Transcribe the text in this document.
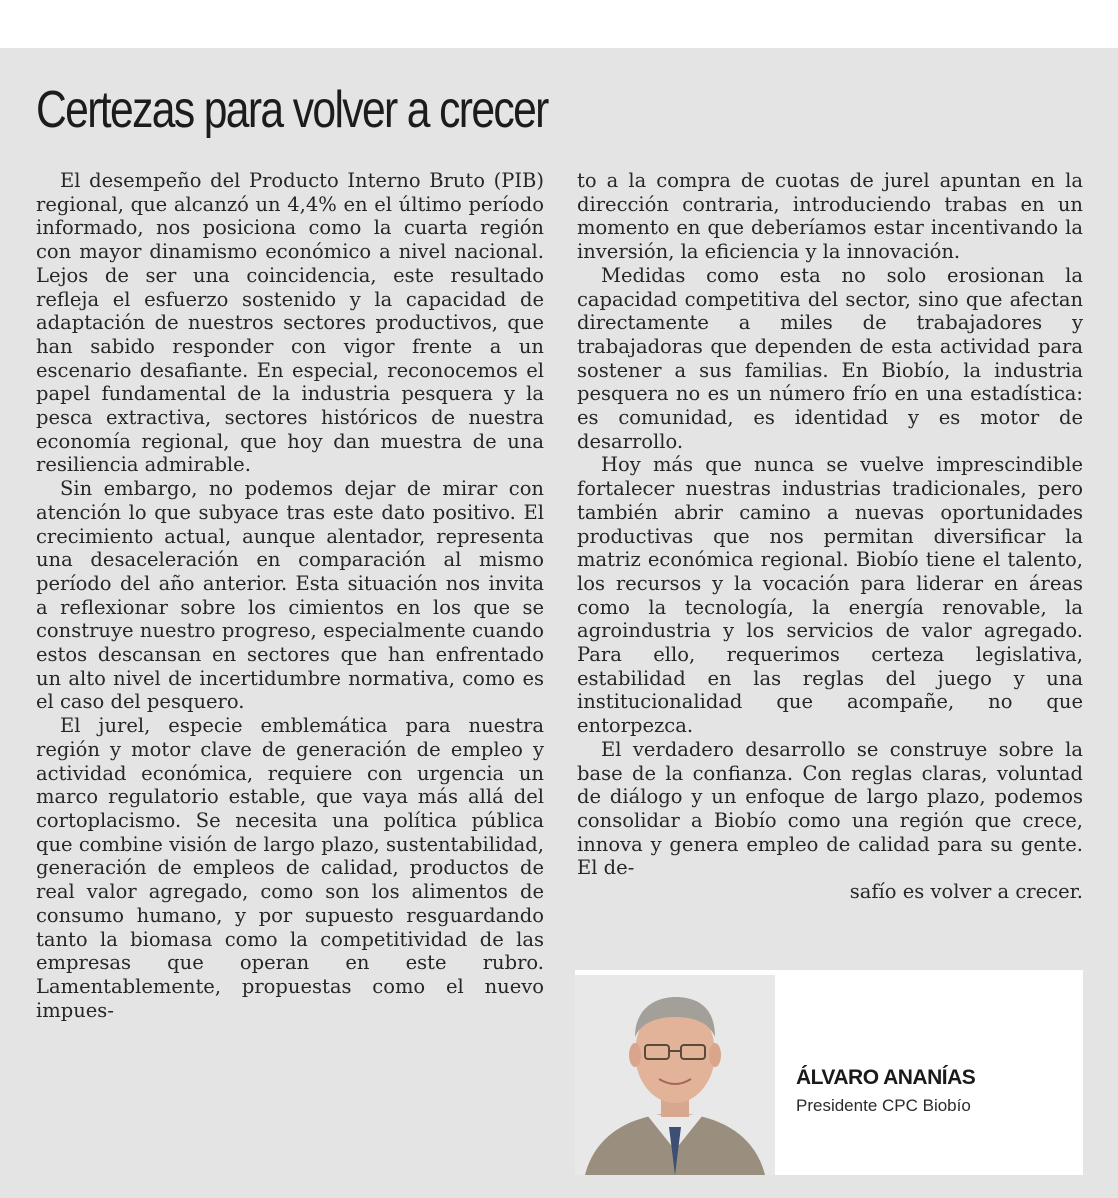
Certezas para volver a crecer

El desempeño del Producto Interno Bruto (PIB) regional, que alcanzó un 4,4% en el último período informado, nos posiciona como la cuarta región con mayor dinamismo económico a nivel nacional. Lejos de ser una coincidencia, este resultado refleja el esfuerzo sostenido y la capacidad de adaptación de nuestros sectores productivos, que han sabido responder con vigor frente a un escenario desafiante. En especial, reconocemos el papel fundamental de la industria pesquera y la pesca extractiva, sectores históricos de nuestra economía regional, que hoy dan muestra de una resiliencia admirable.

Sin embargo, no podemos dejar de mirar con atención lo que subyace tras este dato positivo. El crecimiento actual, aunque alentador, representa una desaceleración en comparación al mismo período del año anterior. Esta situación nos invita a reflexionar sobre los cimientos en los que se construye nuestro progreso, especialmente cuando estos descansan en sectores que han enfrentado un alto nivel de incertidumbre normativa, como es el caso del pesquero.

El jurel, especie emblemática para nuestra región y motor clave de generación de empleo y actividad económica, requiere con urgencia un marco regulatorio estable, que vaya más allá del cortoplacismo. Se necesita una política pública que combine visión de largo plazo, sustentabilidad, generación de empleos de calidad, productos de real valor agregado, como son los alimentos de consumo humano, y por supuesto resguardando tanto la biomasa como la competitividad de las empresas que operan en este rubro. Lamentablemente, propuestas como el nuevo impues-

to a la compra de cuotas de jurel apuntan en la dirección contraria, introduciendo trabas en un momento en que deberíamos estar incentivando la inversión, la eficiencia y la innovación.

Medidas como esta no solo erosionan la capacidad competitiva del sector, sino que afectan directamente a miles de trabajadores y trabajadoras que dependen de esta actividad para sostener a sus familias. En Biobío, la industria pesquera no es un número frío en una estadística: es comunidad, es identidad y es motor de desarrollo.

Hoy más que nunca se vuelve imprescindible fortalecer nuestras industrias tradicionales, pero también abrir camino a nuevas oportunidades productivas que nos permitan diversificar la matriz económica regional. Biobío tiene el talento, los recursos y la vocación para liderar en áreas como la tecnología, la energía renovable, la agroindustria y los servicios de valor agregado. Para ello, requerimos certeza legislativa, estabilidad en las reglas del juego y una institucionalidad que acompañe, no que entorpezca.

El verdadero desarrollo se construye sobre la base de la confianza. Con reglas claras, voluntad de diálogo y un enfoque de largo plazo, podemos consolidar a Biobío como una región que crece, innova y genera empleo de calidad para su gente. El de-

safío es volver a crecer.

ÁLVARO ANANÍAS
Presidente CPC Biobío
